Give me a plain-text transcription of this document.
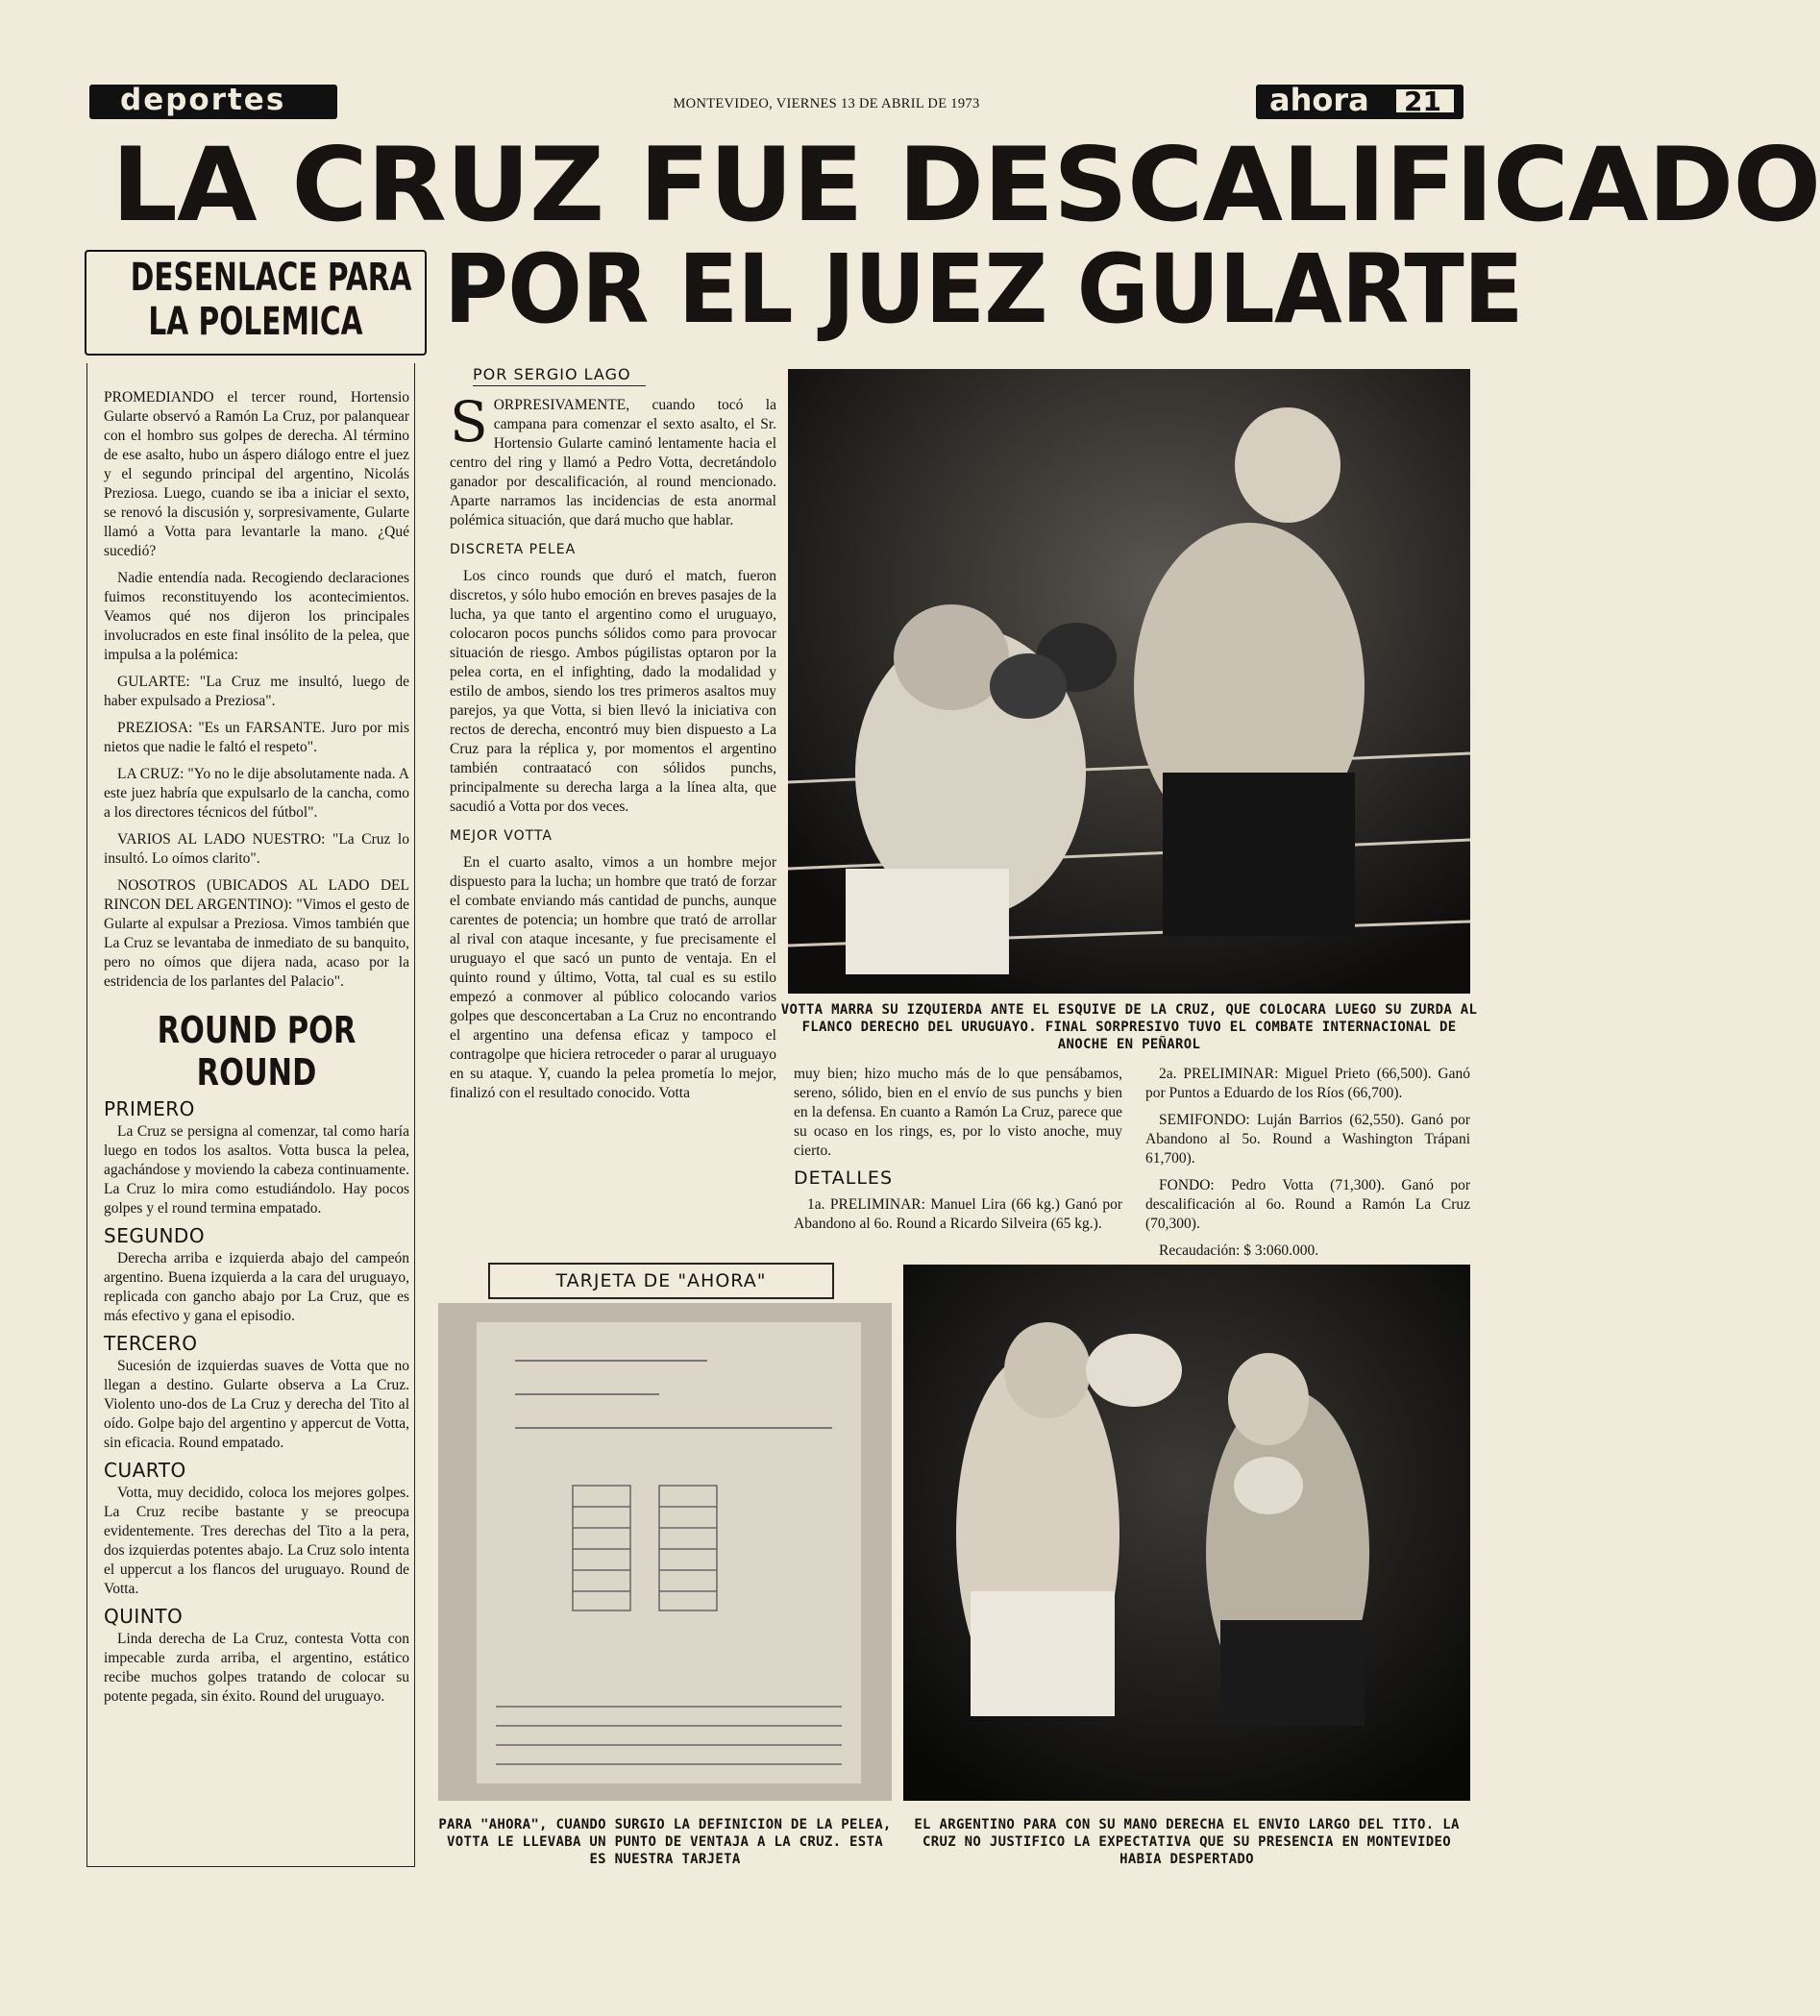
deportes	MONTEVIDEO, VIERNES 13 DE ABRIL DE 1973	ahora 21
LA CRUZ FUE DESCALIFICADO
POR EL JUEZ GULARTE
DESENLACE PARA
LA POLEMICA

PROMEDIANDO el tercer round, Hortensio Gularte observó a Ramón La Cruz, por palanquear con el hombro sus golpes de derecha. Al término de ese asalto, hubo un áspero diálogo entre el juez y el segundo principal del argentino, Nicolás Preziosa. Luego, cuando se iba a iniciar el sexto, se renovó la discusión y, sorpresivamente, Gularte llamó a Votta para levantarle la mano. ¿Qué sucedió?

Nadie entendía nada. Recogiendo declaraciones fuimos reconstituyendo los acontecimientos. Veamos qué nos dijeron los principales involucrados en este final insólito de la pelea, que impulsa a la polémica:

GULARTE: "La Cruz me insultó, luego de haber expulsado a Preziosa".

PREZIOSA: "Es un FARSANTE. Juro por mis nietos que nadie le faltó el respeto".

LA CRUZ: "Yo no le dije absolutamente nada. A este juez habría que expulsarlo de la cancha, como a los directores técnicos del fútbol".

VARIOS AL LADO NUESTRO: "La Cruz lo insultó. Lo oímos clarito".

NOSOTROS (UBICADOS AL LADO DEL RINCON DEL ARGENTINO): "Vimos el gesto de Gularte al expulsar a Preziosa. Vimos también que La Cruz se levantaba de inmediato de su banquito, pero no oímos que dijera nada, acaso por la estridencia de los parlantes del Palacio".

ROUND POR
ROUND
PRIMERO

La Cruz se persigna al comenzar, tal como haría luego en todos los asaltos. Votta busca la pelea, agachándose y moviendo la cabeza continuamente. La Cruz lo mira como estudiándolo. Hay pocos golpes y el round termina empatado.

SEGUNDO

Derecha arriba e izquierda abajo del campeón argentino. Buena izquierda a la cara del uruguayo, replicada con gancho abajo por La Cruz, que es más efectivo y gana el episodio.

TERCERO

Sucesión de izquierdas suaves de Votta que no llegan a destino. Gularte observa a La Cruz. Violento uno-dos de La Cruz y derecha del Tito al oído. Golpe bajo del argentino y appercut de Votta, sin eficacia. Round empatado.

CUARTO

Votta, muy decidido, coloca los mejores golpes. La Cruz recibe bastante y se preocupa evidentemente. Tres derechas del Tito a la pera, dos izquierdas potentes abajo. La Cruz solo intenta el uppercut a los flancos del uruguayo. Round de Votta.

QUINTO

Linda derecha de La Cruz, contesta Votta con impecable zurda arriba, el argentino, estático recibe muchos golpes tratando de colocar su potente pegada, sin éxito. Round del uruguayo.

POR SERGIO LAGO

S ORPRESIVAMENTE, cuando tocó la campana para comenzar el sexto asalto, el Sr. Hortensio Gularte caminó lentamente hacia el centro del ring y llamó a Pedro Votta, decretándolo ganador por descalificación, al round mencionado. Aparte narramos las incidencias de esta anormal polémica situación, que dará mucho que hablar.

DISCRETA PELEA

Los cinco rounds que duró el match, fueron discretos, y sólo hubo emoción en breves pasajes de la lucha, ya que tanto el argentino como el uruguayo, colocaron pocos punchs sólidos como para provocar situación de riesgo. Ambos púgilistas optaron por la pelea corta, en el infighting, dado la modalidad y estilo de ambos, siendo los tres primeros asaltos muy parejos, ya que Votta, si bien llevó la iniciativa con rectos de derecha, encontró muy bien dispuesto a La Cruz para la réplica y, por momentos el argentino también contraatacó con sólidos punchs, principalmente su derecha larga a la línea alta, que sacudió a Votta por dos veces.

MEJOR VOTTA

En el cuarto asalto, vimos a un hombre mejor dispuesto para la lucha; un hombre que trató de forzar el combate enviando más cantidad de punchs, aunque carentes de potencia; un hombre que trató de arrollar al rival con ataque incesante, y fue precisamente el uruguayo el que sacó un punto de ventaja. En el quinto round y último, Votta, tal cual es su estilo empezó a conmover al público colocando varios golpes que desconcertaban a La Cruz no encontrando el argentino una defensa eficaz y tampoco el contragolpe que hiciera retroceder o parar al uruguayo en su ataque. Y, cuando la pelea prometía lo mejor, finalizó con el resultado conocido. Votta

VOTTA MARRA SU IZQUIERDA ANTE EL ESQUIVE DE LA CRUZ, QUE COLOCARA LUEGO SU ZURDA AL FLANCO DERECHO DEL URUGUAYO. FINAL SORPRESIVO TUVO EL COMBATE INTERNACIONAL DE ANOCHE EN PEÑAROL

muy bien; hizo mucho más de lo que pensábamos, sereno, sólido, bien en el envío de sus punchs y bien en la defensa. En cuanto a Ramón La Cruz, parece que su ocaso en los rings, es, por lo visto anoche, muy cierto.

DETALLES

1a. PRELIMINAR: Manuel Lira (66 kg.) Ganó por Abandono al 6o. Round a Ricardo Silveira (65 kg.).

2a. PRELIMINAR: Miguel Prieto (66,500). Ganó por Puntos a Eduardo de los Ríos (66,700).

SEMIFONDO: Luján Barrios (62,550). Ganó por Abandono al 5o. Round a Washington Trápani 61,700).

FONDO: Pedro Votta (71,300). Ganó por descalificación al 6o. Round a Ramón La Cruz (70,300).

Recaudación: $ 3:060.000.

TARJETA DE "AHORA"
PARA "AHORA", CUANDO SURGIO LA DEFINICION DE LA PELEA, VOTTA LE LLEVABA UN PUNTO DE VENTAJA A LA CRUZ. ESTA ES NUESTRA TARJETA
EL ARGENTINO PARA CON SU MANO DERECHA EL ENVIO LARGO DEL TITO. LA CRUZ NO JUSTIFICO LA EXPECTATIVA QUE SU PRESENCIA EN MONTEVIDEO HABIA DESPERTADO
